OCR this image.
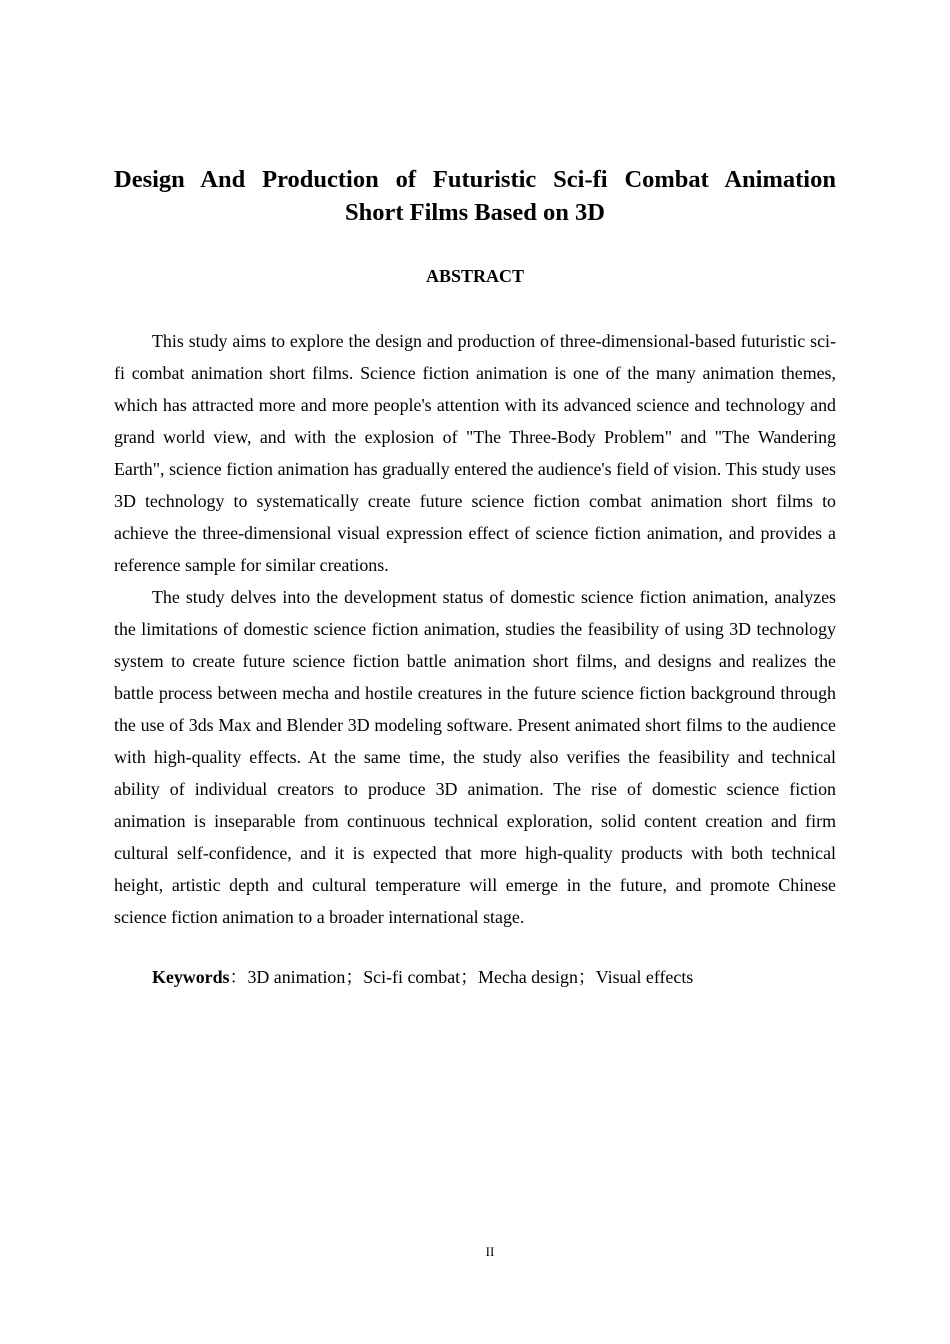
Design And Production of Futuristic Sci-fi Combat Animation
Short Films Based on 3D
ABSTRACT

This study aims to explore the design and production of three-dimensional-based futuristic sci-fi combat animation short films. Science fiction animation is one of the many animation themes, which has attracted more and more people's attention with its advanced science and technology and grand world view, and with the explosion of "The Three-Body Problem" and "The Wandering Earth", science fiction animation has gradually entered the audience's field of vision. This study uses 3D technology to systematically create future science fiction combat animation short films to achieve the three-dimensional visual expression effect of science fiction animation, and provides a reference sample for similar creations.

The study delves into the development status of domestic science fiction animation, analyzes the limitations of domestic science fiction animation, studies the feasibility of using 3D technology system to create future science fiction battle animation short films, and designs and realizes the battle process between mecha and hostile creatures in the future science fiction background through the use of 3ds Max and Blender 3D modeling software. Present animated short films to the audience with high-quality effects. At the same time, the study also verifies the feasibility and technical ability of individual creators to produce 3D animation. The rise of domestic science fiction animation is inseparable from continuous technical exploration, solid content creation and firm cultural self-confidence, and it is expected that more high-quality products with both technical height, artistic depth and cultural temperature will emerge in the future, and promote Chinese science fiction animation to a broader international stage.

Keywords：3D animation；Sci-fi combat；Mecha design；Visual effects
II
